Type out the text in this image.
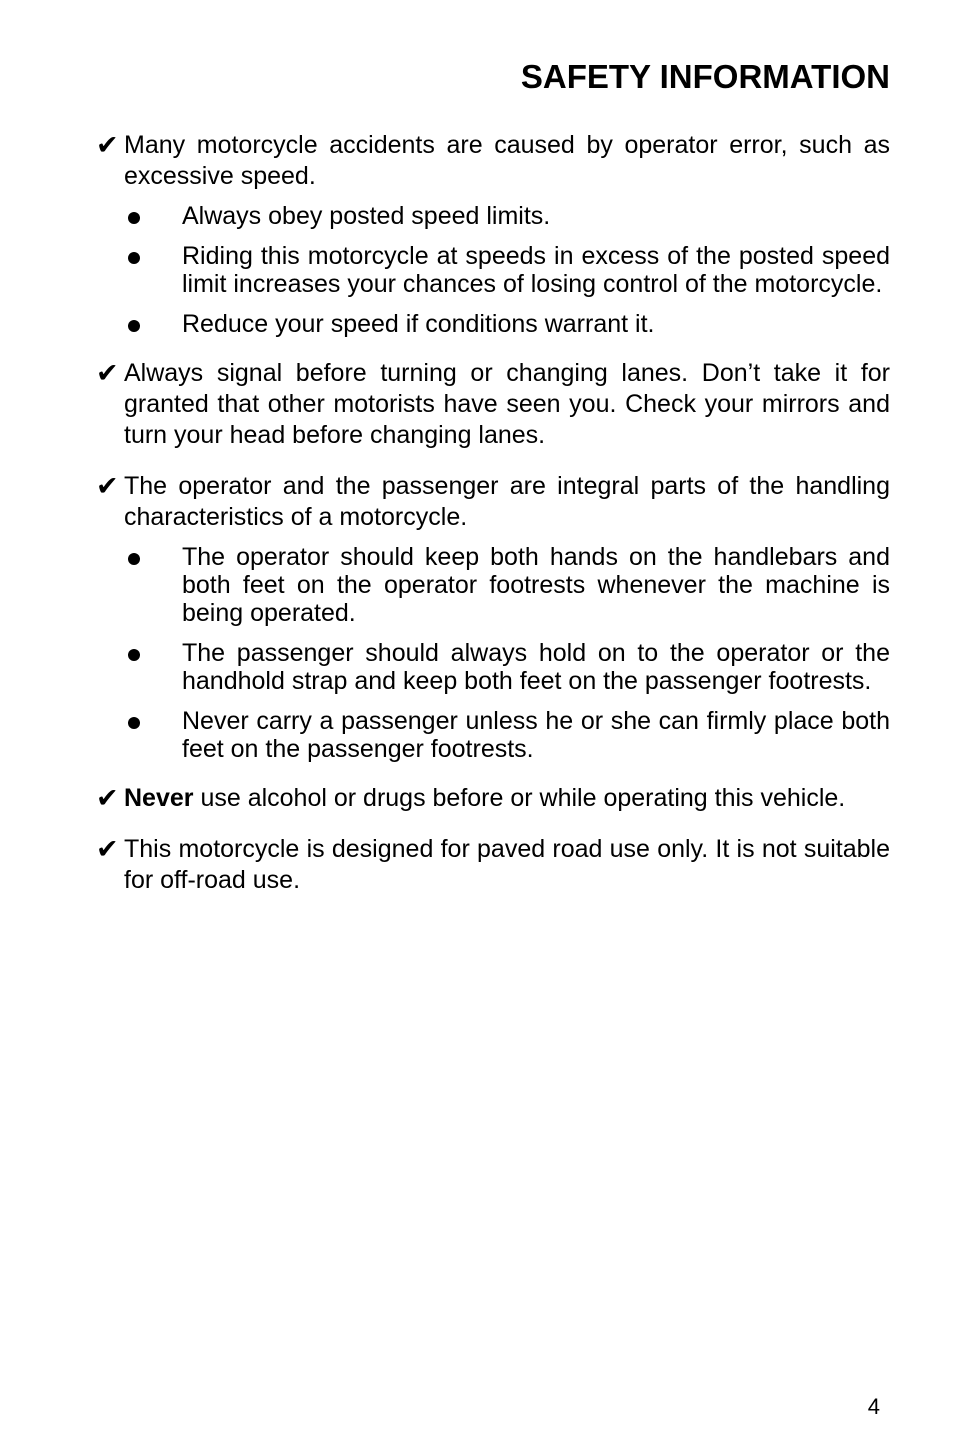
SAFETY INFORMATION
✔ Many motorcycle accidents are caused by operator error, such as excessive speed.
Always obey posted speed limits.
Riding this motorcycle at speeds in excess of the posted speed limit increases your chances of losing control of the motorcycle.
Reduce your speed if conditions warrant it.
✔ Always signal before turning or changing lanes. Don’t take it for granted that other motorists have seen you. Check your mirrors and turn your head before changing lanes.
✔ The operator and the passenger are integral parts of the handling characteristics of a motorcycle.
The operator should keep both hands on the handlebars and both feet on the operator footrests whenever the machine is being operated.
The passenger should always hold on to the operator or the handhold strap and keep both feet on the passenger footrests.
Never carry a passenger unless he or she can firmly place both feet on the passenger footrests.
✔ Never use alcohol or drugs before or while operating this vehicle.
✔ This motorcycle is designed for paved road use only. It is not suitable for off-road use.
4
